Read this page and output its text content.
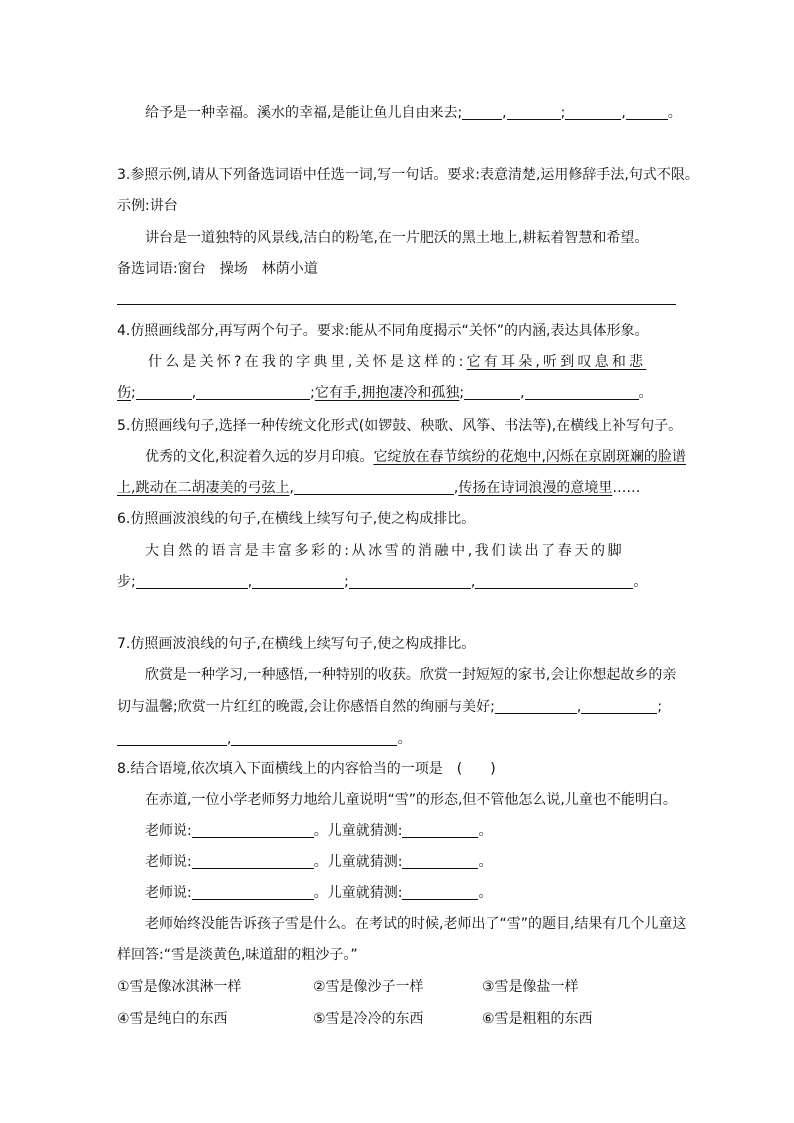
给予是一种幸福。溪水的幸福,是能让鱼儿自由来去;	,	;	,	。
3.参照示例,请从下列备选词语中任选一词,写一句话。要求:表意清楚,运用修辞手法,句式不限。
示例:讲台
讲台是一道独特的风景线,洁白的粉笔,在一片肥沃的黑土地上,耕耘着智慧和希望。
备选词语:窗台　操场　林荫小道
4.仿照画线部分,再写两个句子。要求:能从不同角度揭示“关怀”的内涵,表达具体形象。
什么是关怀?在我的字典里,关怀是这样的:它有耳朵,听到叹息和悲
伤;	,	;它有手,拥抱凄冷和孤独;	,	。
5.仿照画线句子,选择一种传统文化形式(如锣鼓、秧歌、风筝、书法等),在横线上补写句子。
优秀的文化,积淀着久远的岁月印痕。它绽放在春节缤纷的花炮中,闪烁在京剧斑斓的脸谱
上,跳动在二胡凄美的弓弦上,	,传扬在诗词浪漫的意境里……
6.仿照画波浪线的句子,在横线上续写句子,使之构成排比。
大自然的语言是丰富多彩的:从冰雪的消融中,我们读出了春天的脚
步;	,	;	,	。
7.仿照画波浪线的句子,在横线上续写句子,使之构成排比。
欣赏是一种学习,一种感悟,一种特别的收获。欣赏一封短短的家书,会让你想起故乡的亲
切与温馨;欣赏一片红红的晚霞,会让你感悟自然的绚丽与美好;	,	;
,	。
8.结合语境,依次填入下面横线上的内容恰当的一项是　(　　)
在赤道,一位小学老师努力地给儿童说明“雪”的形态,但不管他怎么说,儿童也不能明白。
老师说:	。儿童就猜测:	。
老师说:	。儿童就猜测:	。
老师说:	。儿童就猜测:	。
老师始终没能告诉孩子雪是什么。在考试的时候,老师出了“雪”的题目,结果有几个儿童这
样回答:“雪是淡黄色,味道甜的粗沙子。”
①雪是像冰淇淋一样	②雪是像沙子一样	③雪是像盐一样
④雪是纯白的东西	⑤雪是冷冷的东西	⑥雪是粗粗的东西
